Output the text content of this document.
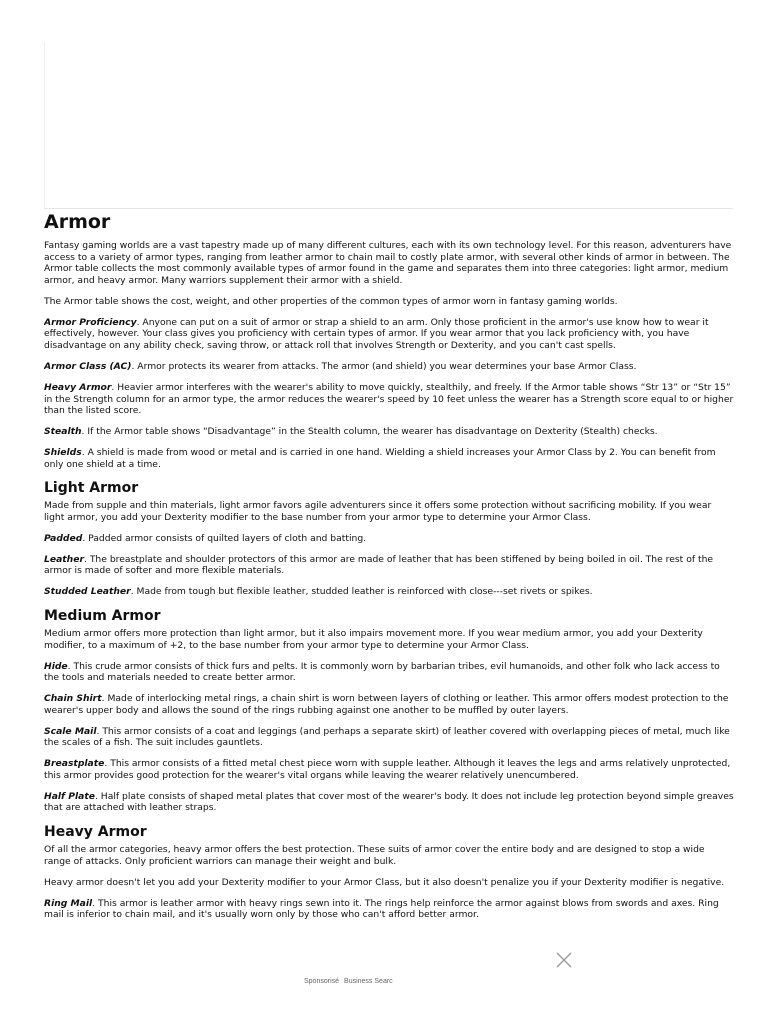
Armor

Fantasy gaming worlds are a vast tapestry made up of many different cultures, each with its own technology level. For this reason, adventurers have access to a variety of armor types, ranging from leather armor to chain mail to costly plate armor, with several other kinds of armor in between. The Armor table collects the most commonly available types of armor found in the game and separates them into three categories: light armor, medium armor, and heavy armor. Many warriors supplement their armor with a shield.

The Armor table shows the cost, weight, and other properties of the common types of armor worn in fantasy gaming worlds.

Armor Proficiency. Anyone can put on a suit of armor or strap a shield to an arm. Only those proficient in the armor's use know how to wear it effectively, however. Your class gives you proficiency with certain types of armor. If you wear armor that you lack proficiency with, you have disadvantage on any ability check, saving throw, or attack roll that involves Strength or Dexterity, and you can't cast spells.

Armor Class (AC). Armor protects its wearer from attacks. The armor (and shield) you wear determines your base Armor Class.

Heavy Armor. Heavier armor interferes with the wearer's ability to move quickly, stealthily, and freely. If the Armor table shows “Str 13” or “Str 15” in the Strength column for an armor type, the armor reduces the wearer's speed by 10 feet unless the wearer has a Strength score equal to or higher than the listed score.

Stealth. If the Armor table shows “Disadvantage” in the Stealth column, the wearer has disadvantage on Dexterity (Stealth) checks.

Shields. A shield is made from wood or metal and is carried in one hand. Wielding a shield increases your Armor Class by 2. You can benefit from only one shield at a time.

Light Armor

Made from supple and thin materials, light armor favors agile adventurers since it offers some protection without sacrificing mobility. If you wear light armor, you add your Dexterity modifier to the base number from your armor type to determine your Armor Class.

Padded. Padded armor consists of quilted layers of cloth and batting.

Leather. The breastplate and shoulder protectors of this armor are made of leather that has been stiffened by being boiled in oil. The rest of the armor is made of softer and more flexible materials.

Studded Leather. Made from tough but flexible leather, studded leather is reinforced with close---set rivets or spikes.

Medium Armor

Medium armor offers more protection than light armor, but it also impairs movement more. If you wear medium armor, you add your Dexterity modifier, to a maximum of +2, to the base number from your armor type to determine your Armor Class.

Hide. This crude armor consists of thick furs and pelts. It is commonly worn by barbarian tribes, evil humanoids, and other folk who lack access to the tools and materials needed to create better armor.

Chain Shirt. Made of interlocking metal rings, a chain shirt is worn between layers of clothing or leather. This armor offers modest protection to the wearer's upper body and allows the sound of the rings rubbing against one another to be muffled by outer layers.

Scale Mail. This armor consists of a coat and leggings (and perhaps a separate skirt) of leather covered with overlapping pieces of metal, much like the scales of a fish. The suit includes gauntlets.

Breastplate. This armor consists of a fitted metal chest piece worn with supple leather. Although it leaves the legs and arms relatively unprotected, this armor provides good protection for the wearer's vital organs while leaving the wearer relatively unencumbered.

Half Plate. Half plate consists of shaped metal plates that cover most of the wearer's body. It does not include leg protection beyond simple greaves that are attached with leather straps.

Heavy Armor

Of all the armor categories, heavy armor offers the best protection. These suits of armor cover the entire body and are designed to stop a wide range of attacks. Only proficient warriors can manage their weight and bulk.

Heavy armor doesn't let you add your Dexterity modifier to your Armor Class, but it also doesn't penalize you if your Dexterity modifier is negative.

Ring Mail. This armor is leather armor with heavy rings sewn into it. The rings help reinforce the armor against blows from swords and axes. Ring mail is inferior to chain mail, and it's usually worn only by those who can't afford better armor.

Sponsorisé Business Searc
